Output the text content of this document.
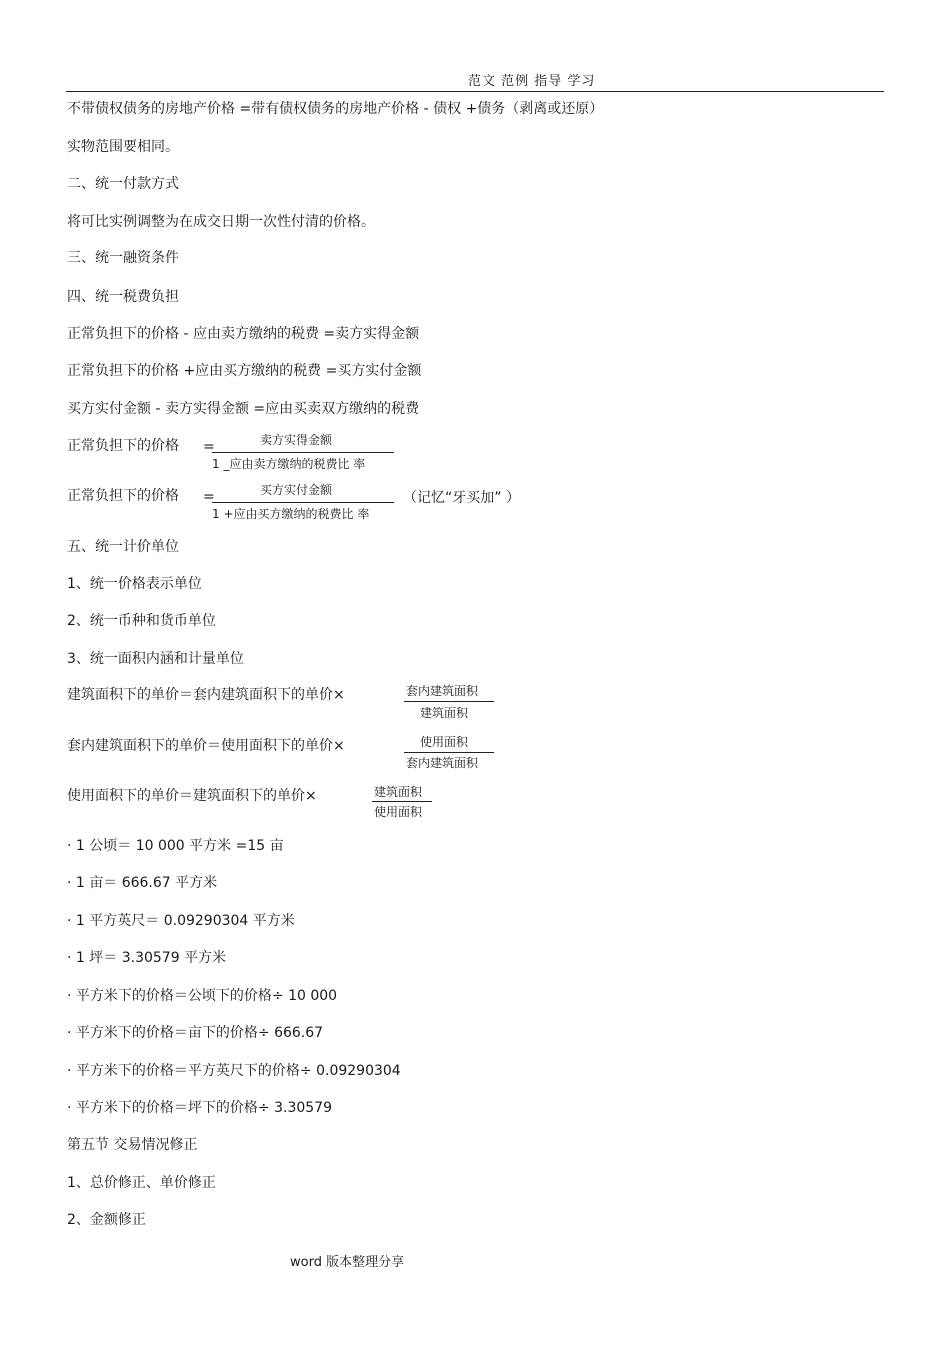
范文 范例 指导 学习
不带债权债务的房地产价格 =带有债权债务的房地产价格 - 债权 +债务（剥离或还原）
实物范围要相同。
二、统一付款方式
将可比实例调整为在成交日期一次性付清的价格。
三、统一融资条件
四、统一税费负担
正常负担下的价格 - 应由卖方缴纳的税费 =卖方实得金额
正常负担下的价格 +应由买方缴纳的税费 =买方实付金额
买方实付金额 - 卖方实得金额 =应由买卖双方缴纳的税费
正常负担下的价格 =	卖方实得金额
1 _应由卖方缴纳的税费比 率
正常负担下的价格 =	买方实付金额
1 +应由买方缴纳的税费比 率
（记忆“牙买加” ）
五、统一计价单位
1、统一价格表示单位
2、统一币种和货币单位
3、统一面积内涵和计量单位
建筑面积下的单价＝套内建筑面积下的单价×	套内建筑面积
建筑面积
套内建筑面积下的单价＝使用面积下的单价×	使用面积
套内建筑面积
使用面积下的单价＝建筑面积下的单价×	建筑面积
使用面积
· 1 公顷＝ 10 000 平方米 =15 亩
· 1 亩＝ 666.67 平方米
· 1 平方英尺＝ 0.09290304 平方米
· 1 坪＝ 3.30579 平方米
· 平方米下的价格＝公顷下的价格÷ 10 000
· 平方米下的价格＝亩下的价格÷ 666.67
· 平方米下的价格＝平方英尺下的价格÷ 0.09290304
· 平方米下的价格＝坪下的价格÷ 3.30579
第五节 交易情况修正
1、总价修正、单价修正
2、金额修正
word 版本整理分享
